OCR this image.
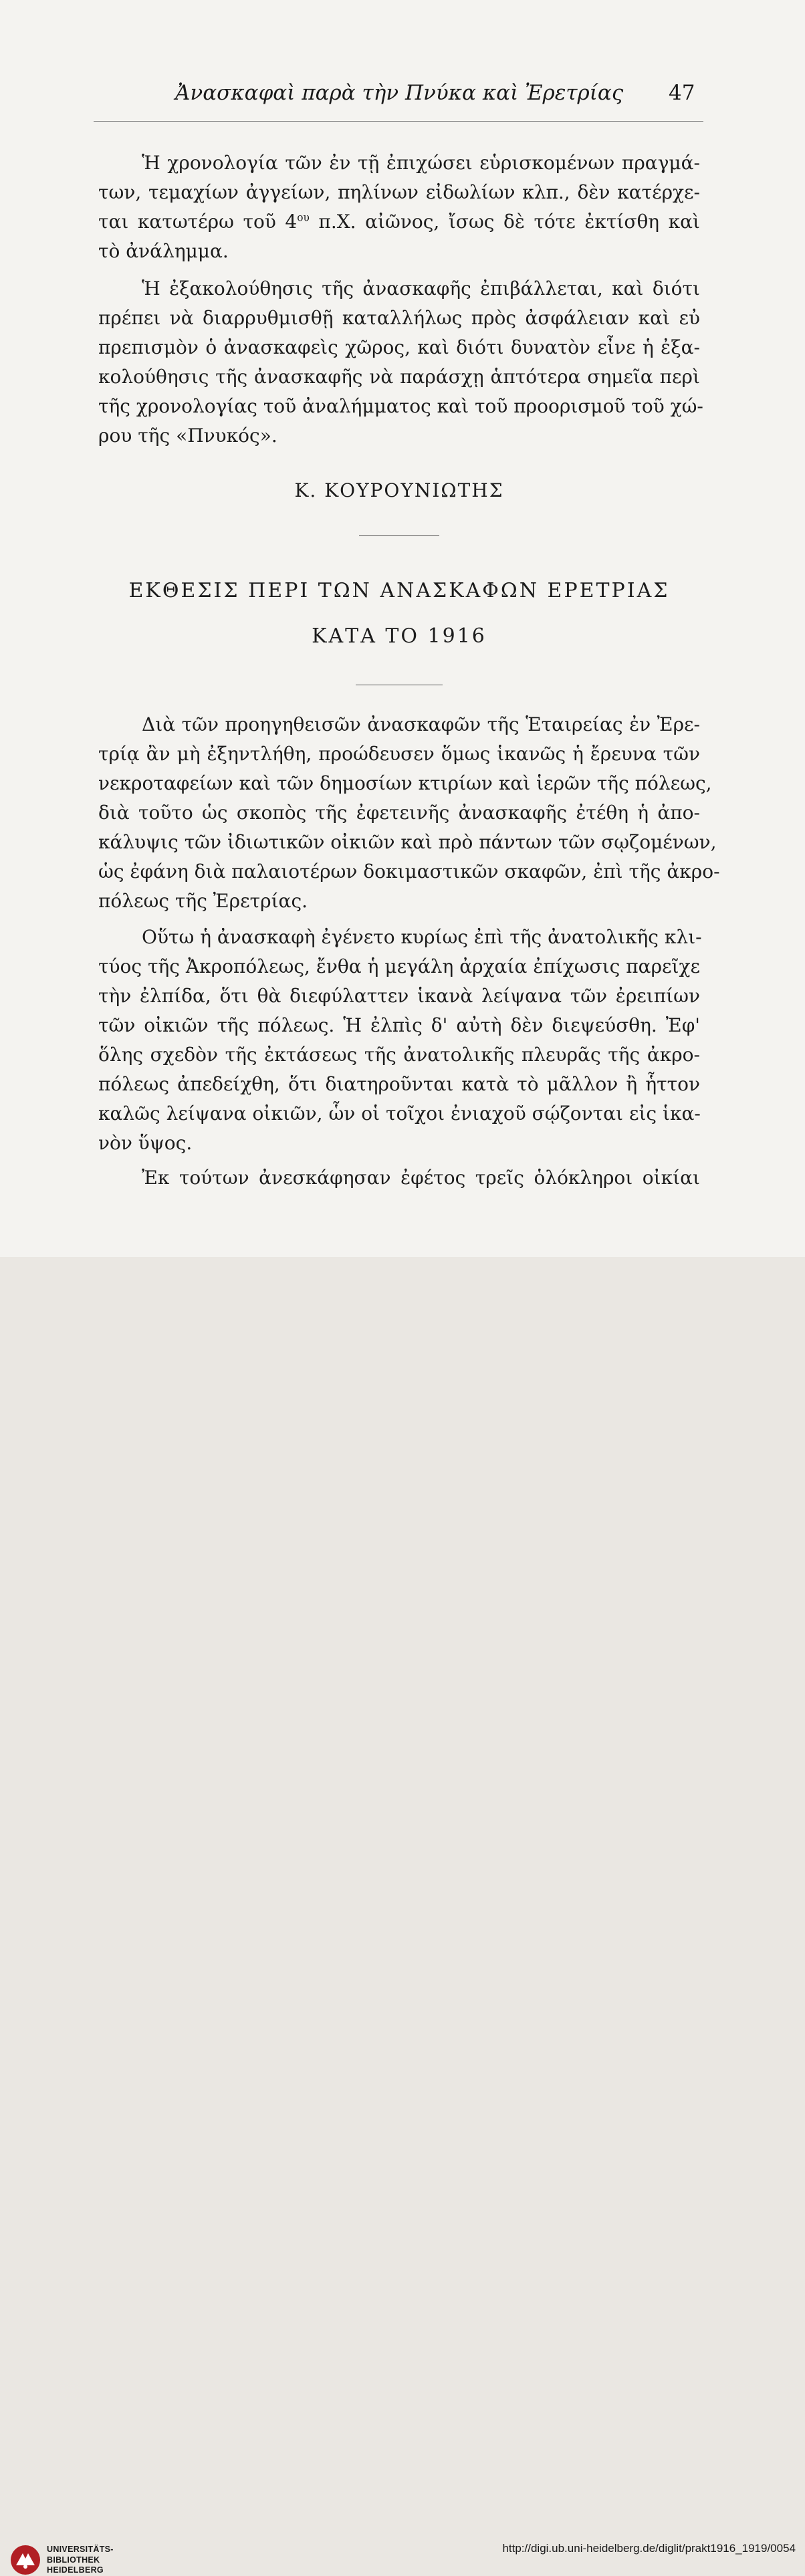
Ἀνασκαφαὶ παρὰ τὴν Πνύκα καὶ Ἐρετρίας 47

Ἡ χρονολογία τῶν ἐν τῇ ἐπιχώσει εὑρισκομένων πραγμά-

των, τεμαχίων ἀγγείων, πηλίνων εἰδωλίων κλπ., δὲν κατέρχε-

ται κατωτέρω τοῦ $4^{o\upsilon}$ π.Χ. αἰῶνος, ἴσως δὲ τότε ἐκτίσθη καὶ

τὸ ἀνάλημμα.

Ἡ ἐξακολούθησις τῆς ἀνασκαφῆς ἐπιβάλλεται, καὶ διότι

πρέπει νὰ διαρρυθμισθῇ καταλλήλως πρὸς ἀσφάλειαν καὶ εὐ

πρεπισμὸν ὁ ἀνασκαφεὶς χῶρος, καὶ διότι δυνατὸν εἶνε ἡ ἐξα-

κολούθησις τῆς ἀνασκαφῆς νὰ παράσχῃ ἁπτότερα σημεῖα περὶ

τῆς χρονολογίας τοῦ ἀναλήμματος καὶ τοῦ προορισμοῦ τοῦ χώ-

ρου τῆς «Πνυκός».

Κ. ΚΟΥΡΟΥΝΙΩΤΗΣ

ΕΚΘΕΣΙΣ ΠΕΡΙ ΤΩΝ ΑΝΑΣΚΑΦΩΝ ΕΡΕΤΡΙΑΣ

ΚΑΤΑ ΤΟ 1916

Διὰ τῶν προηγηθεισῶν ἀνασκαφῶν τῆς Ἑταιρείας ἐν Ἐρε-

τρίᾳ ἂν μὴ ἐξηντλήθη, προώδευσεν ὅμως ἱκανῶς ἡ ἔρευνα τῶν

νεκροταφείων καὶ τῶν δημοσίων κτιρίων καὶ ἱερῶν τῆς πόλεως,

διὰ τοῦτο ὡς σκοπὸς τῆς ἐφετεινῆς ἀνασκαφῆς ἐτέθη ἡ ἀπο-

κάλυψις τῶν ἰδιωτικῶν οἰκιῶν καὶ πρὸ πάντων τῶν σῳζομένων,

ὡς ἐφάνη διὰ παλαιοτέρων δοκιμαστικῶν σκαφῶν, ἐπὶ τῆς ἀκρο-

πόλεως τῆς Ἐρετρίας.

Οὕτω ἡ ἀνασκαφὴ ἐγένετο κυρίως ἐπὶ τῆς ἀνατολικῆς κλι-

τύος τῆς Ἀκροπόλεως, ἔνθα ἡ μεγάλη ἀρχαία ἐπίχωσις παρεῖχε

τὴν ἐλπίδα, ὅτι θὰ διεφύλαττεν ἱκανὰ λείψανα τῶν ἐρειπίων

τῶν οἰκιῶν τῆς πόλεως. Ἡ ἐλπὶς δ' αὐτὴ δὲν διεψεύσθη. Ἐφ'

ὅλης σχεδὸν τῆς ἐκτάσεως τῆς ἀνατολικῆς πλευρᾶς τῆς ἀκρο-

πόλεως ἀπεδείχθη, ὅτι διατηροῦνται κατὰ τὸ μᾶλλον ἢ ἧττον

καλῶς λείψανα οἰκιῶν, ὧν οἱ τοῖχοι ἐνιαχοῦ σῴζονται εἰς ἱκα-

νὸν ὕψος.

Ἐκ τούτων ἀνεσκάφησαν ἐφέτος τρεῖς ὁλόκληροι οἰκίαι

UNIVERSITÄTS-
BIBLIOTHEK
HEIDELBERG
http://digi.ub.uni-heidelberg.de/diglit/prakt1916_1919/0054
